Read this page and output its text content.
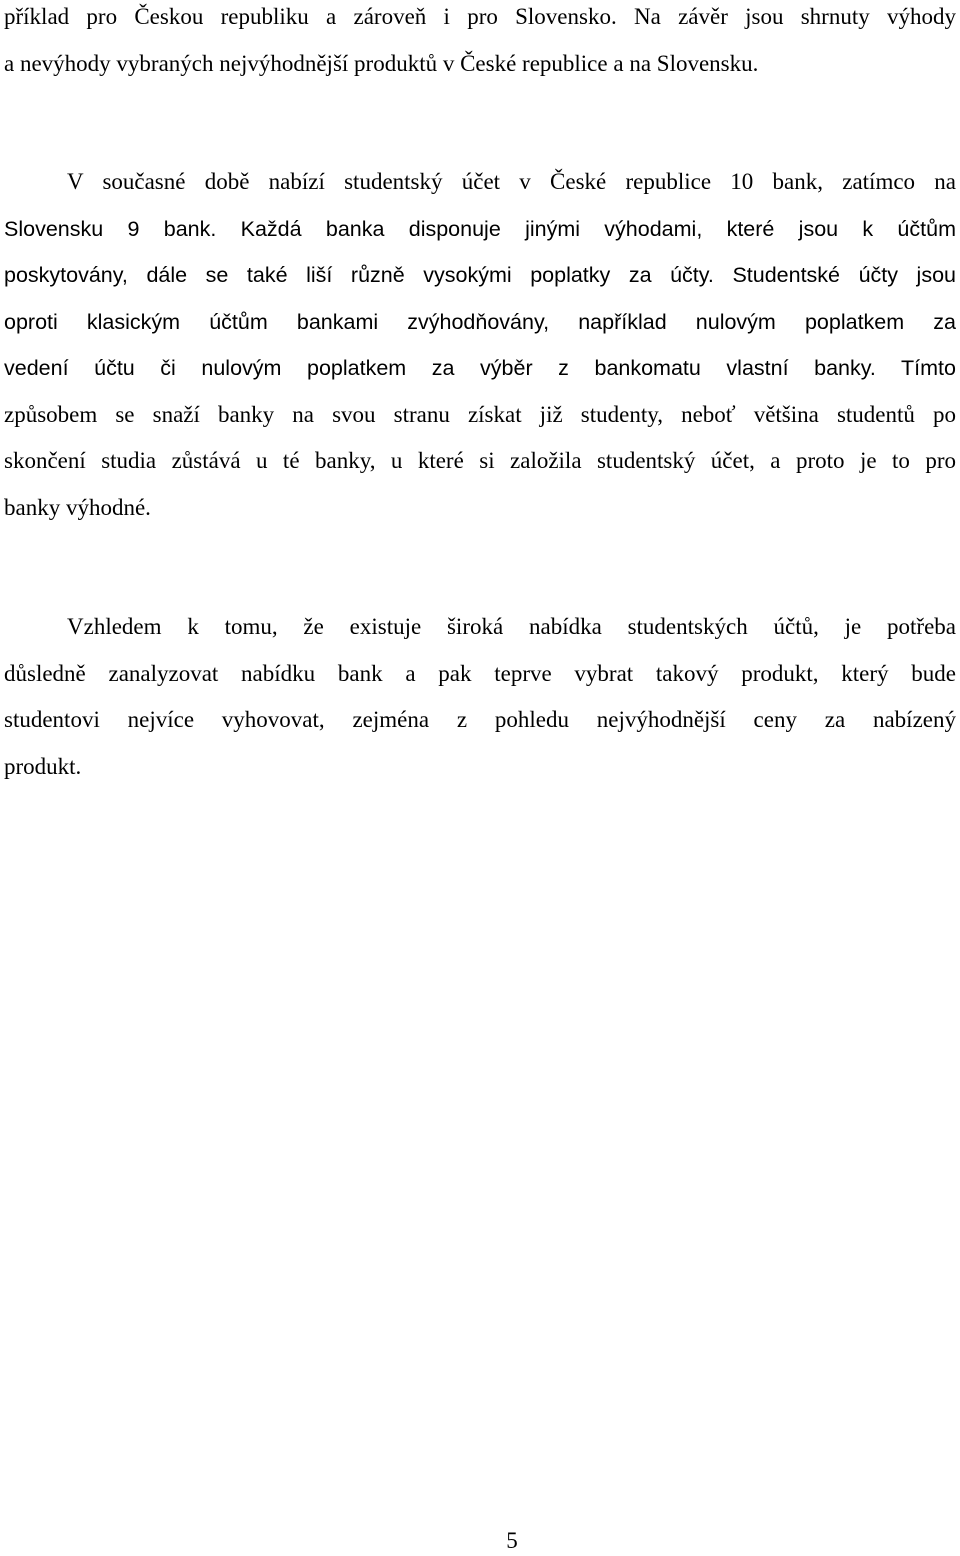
příklad pro Českou republiku a zároveň i pro Slovensko. Na závěr jsou shrnuty výhody
a nevýhody vybraných nejvýhodnější produktů v České republice a na Slovensku.
V současné době nabízí studentský účet v České republice 10 bank, zatímco na
Slovensku 9 bank. Každá banka disponuje jinými výhodami, které jsou k účtům
poskytovány, dále se také liší různě vysokými poplatky za účty. Studentské účty jsou
oproti klasickým účtům bankami zvýhodňovány, například nulovým poplatkem za
vedení účtu či nulovým poplatkem za výběr z bankomatu vlastní banky. Tímto
způsobem se snaží banky na svou stranu získat již studenty, neboť většina studentů po
skončení studia zůstává u té banky, u které si založila studentský účet, a proto je to pro
banky výhodné.
Vzhledem k tomu, že existuje široká nabídka studentských účtů, je potřeba
důsledně zanalyzovat nabídku bank a pak teprve vybrat takový produkt, který bude
studentovi nejvíce vyhovovat, zejména z pohledu nejvýhodnější ceny za nabízený
produkt.
5
